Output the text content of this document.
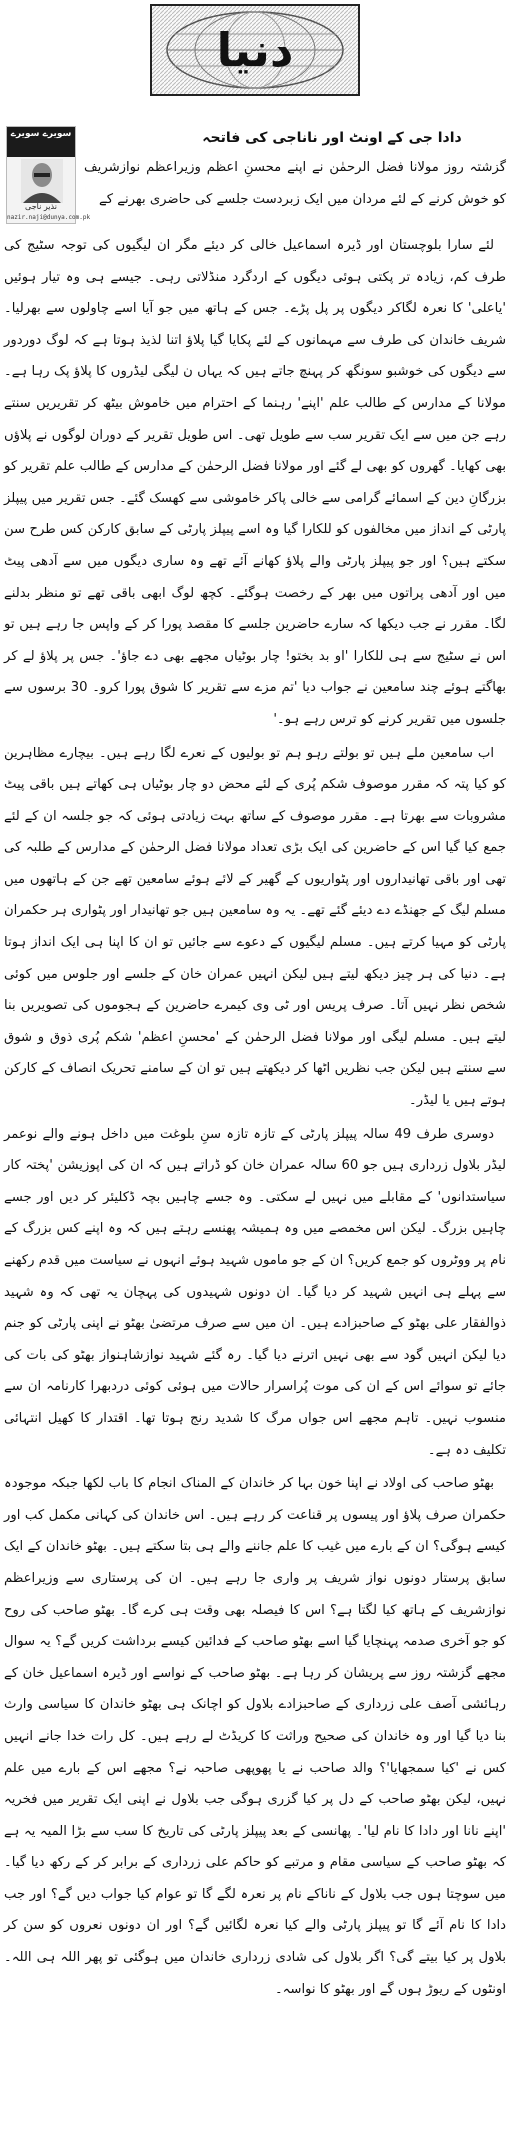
دنیا
سویرے سویرے
نذیر ناجی
nazir.naji@dunya.com.pk
دادا جی کے اونٹ اور ناناجی کی فاتحہ
گزشتہ روز مولانا فضل الرحمٰن نے اپنے محسنِ اعظم وزیراعظم نوازشریف کو خوش کرنے کے لئے مردان میں ایک زبردست جلسے کی حاضری بھرنے کے

لئے سارا بلوچستان اور ڈیرہ اسماعیل خالی کر دیئے مگر ان لیگیوں کی توجہ سٹیج کی طرف کم، زیادہ تر پکتی ہوئی دیگوں کے اردگرد منڈلاتی رہی۔ جیسے ہی وہ تیار ہوئیں 'یاعلی' کا نعرہ لگاکر دیگوں پر پل پڑے۔ جس کے ہاتھ میں جو آیا اسے چاولوں سے بھرلیا۔ شریف خاندان کی طرف سے مہمانوں کے لئے پکایا گیا پلاؤ اتنا لذیذ ہوتا ہے کہ لوگ دوردور سے دیگوں کی خوشبو سونگھ کر پہنچ جاتے ہیں کہ یہاں ن لیگی لیڈروں کا پلاؤ پک رہا ہے۔ مولانا کے مدارس کے طالب علم 'اپنے' رہنما کے احترام میں خاموش بیٹھ کر تقریریں سنتے رہے جن میں سے ایک تقریر سب سے طویل تھی۔ اس طویل تقریر کے دوران لوگوں نے پلاؤں بھی کھایا۔ گھروں کو بھی لے گئے اور مولانا فضل الرحمٰن کے مدارس کے طالب علم تقریر کو بزرگانِ دین کے اسمائے گرامی سے خالی پاکر خاموشی سے کھسک گئے۔ جس تقریر میں پیپلز پارٹی کے انداز میں مخالفوں کو للکارا گیا وہ اسے پیپلز پارٹی کے سابق کارکن کس طرح سن سکتے ہیں؟ اور جو پیپلز پارٹی والے پلاؤ کھانے آئے تھے وہ ساری دیگوں میں سے آدھی پیٹ میں اور آدھی پراتوں میں بھر کے رخصت ہوگئے۔ کچھ لوگ ابھی باقی تھے تو منظر بدلنے لگا۔ مقرر نے جب دیکھا کہ سارے حاضرین جلسے کا مقصد پورا کر کے واپس جا رہے ہیں تو اس نے سٹیج سے ہی للکارا 'او بد بختو! چار بوٹیاں مجھے بھی دے جاؤ'۔ جس پر پلاؤ لے کر بھاگتے ہوئے چند سامعین نے جواب دیا 'تم مزے سے تقریر کا شوق پورا کرو۔ 30 برسوں سے جلسوں میں تقریر کرنے کو ترس رہے ہو۔'

اب سامعین ملے ہیں تو بولتے رہو ہم تو بولیوں کے نعرے لگا رہے ہیں۔ بیچارے مظاہرین کو کیا پتہ کہ مقرر موصوف شکم پُری کے لئے محض دو چار بوٹیاں ہی کھاتے ہیں باقی پیٹ مشروبات سے بھرتا ہے۔ مقرر موصوف کے ساتھ بہت زیادتی ہوئی کہ جو جلسہ ان کے لئے جمع کیا گیا اس کے حاضرین کی ایک بڑی تعداد مولانا فضل الرحمٰن کے مدارس کے طلبہ کی تھی اور باقی تھانیداروں اور پٹواریوں کے گھیر کے لائے ہوئے سامعین تھے جن کے ہاتھوں میں مسلم لیگ کے جھنڈے دے دیئے گئے تھے۔ یہ وہ سامعین ہیں جو تھانیدار اور پٹواری ہر حکمران پارٹی کو مہیا کرتے ہیں۔ مسلم لیگیوں کے دعوے سے جائیں تو ان کا اپنا ہی ایک انداز ہوتا ہے۔ دنیا کی ہر چیز دیکھ لیتے ہیں لیکن انہیں عمران خان کے جلسے اور جلوس میں کوئی شخص نظر نہیں آتا۔ صرف پریس اور ٹی وی کیمرے حاضرین کے ہجوموں کی تصویریں بنا لیتے ہیں۔ مسلم لیگی اور مولانا فضل الرحمٰن کے 'محسنِ اعظم' شکم پُری ذوق و شوق سے سنتے ہیں لیکن جب نظریں اٹھا کر دیکھتے ہیں تو ان کے سامنے تحریک انصاف کے کارکن ہوتے ہیں یا لیڈر۔

دوسری طرف 49 سالہ پیپلز پارٹی کے تازہ تازہ سنِ بلوغت میں داخل ہونے والے نوعمر لیڈر بلاول زرداری ہیں جو 60 سالہ عمران خان کو ڈراتے ہیں کہ ان کی اپوزیشن 'پختہ کار سیاستدانوں' کے مقابلے میں نہیں لے سکتی۔ وہ جسے چاہیں بچہ ڈکلیئر کر دیں اور جسے چاہیں بزرگ۔ لیکن اس مخمصے میں وہ ہمیشہ پھنسے رہتے ہیں کہ وہ اپنے کس بزرگ کے نام پر ووٹروں کو جمع کریں؟ ان کے جو ماموں شہید ہوئے انہوں نے سیاست میں قدم رکھنے سے پہلے ہی انہیں شہید کر دیا گیا۔ ان دونوں شہیدوں کی پہچان یہ تھی کہ وہ شہید ذوالفقار علی بھٹو کے صاحبزادے ہیں۔ ان میں سے صرف مرتضیٰ بھٹو نے اپنی پارٹی کو جنم دیا لیکن انہیں گود سے بھی نہیں اترنے دیا گیا۔ رہ گئے شہید نوازشاہنواز بھٹو کی بات کی جائے تو سوائے اس کے ان کی موت پُراسرار حالات میں ہوئی کوئی دردبھرا کارنامہ ان سے منسوب نہیں۔ تاہم مجھے اس جواں مرگ کا شدید رنج ہوتا تھا۔ اقتدار کا کھیل انتہائی تکلیف دہ ہے۔

بھٹو صاحب کی اولاد نے اپنا خون بہا کر خاندان کے المناک انجام کا باب لکھا جبکہ موجودہ حکمران صرف پلاؤ اور پیسوں پر قناعت کر رہے ہیں۔ اس خاندان کی کہانی مکمل کب اور کیسے ہوگی؟ ان کے بارے میں غیب کا علم جاننے والے ہی بتا سکتے ہیں۔ بھٹو خاندان کے ایک سابق پرستار دونوں نواز شریف پر واری جا رہے ہیں۔ ان کی پرستاری سے وزیراعظم نوازشریف کے ہاتھ کیا لگتا ہے؟ اس کا فیصلہ بھی وقت ہی کرے گا۔ بھٹو صاحب کی روح کو جو آخری صدمہ پہنچایا گیا اسے بھٹو صاحب کے فدائین کیسے برداشت کریں گے؟ یہ سوال مجھے گزشتہ روز سے پریشان کر رہا ہے۔ بھٹو صاحب کے نواسے اور ڈیرہ اسماعیل خان کے رہائشی آصف علی زرداری کے صاحبزادے بلاول کو اچانک ہی بھٹو خاندان کا سیاسی وارث بنا دیا گیا اور وہ خاندان کی صحیح وراثت کا کریڈٹ لے رہے ہیں۔ کل رات خدا جانے انہیں کس نے 'کیا سمجھایا'؟ والد صاحب نے یا پھوپھی صاحبہ نے؟ مجھے اس کے بارے میں علم نہیں، لیکن بھٹو صاحب کے دل پر کیا گزری ہوگی جب بلاول نے اپنی ایک تقریر میں فخریہ 'اپنے نانا اور دادا کا نام لیا'۔ پھانسی کے بعد پیپلز پارٹی کی تاریخ کا سب سے بڑا المیہ یہ ہے کہ بھٹو صاحب کے سیاسی مقام و مرتبے کو حاکم علی زرداری کے برابر کر کے رکھ دیا گیا۔ میں سوچتا ہوں جب بلاول کے ناناکے نام پر نعرہ لگے گا تو عوام کیا جواب دیں گے؟ اور جب دادا کا نام آئے گا تو پیپلز پارٹی والے کیا نعرہ لگائیں گے؟ اور ان دونوں نعروں کو سن کر بلاول پر کیا بیتے گی؟ اگر بلاول کی شادی زرداری خاندان میں ہوگئی تو پھر اللہ ہی اللہ۔ اونٹوں کے ریوڑ ہوں گے اور بھٹو کا نواسہ۔
